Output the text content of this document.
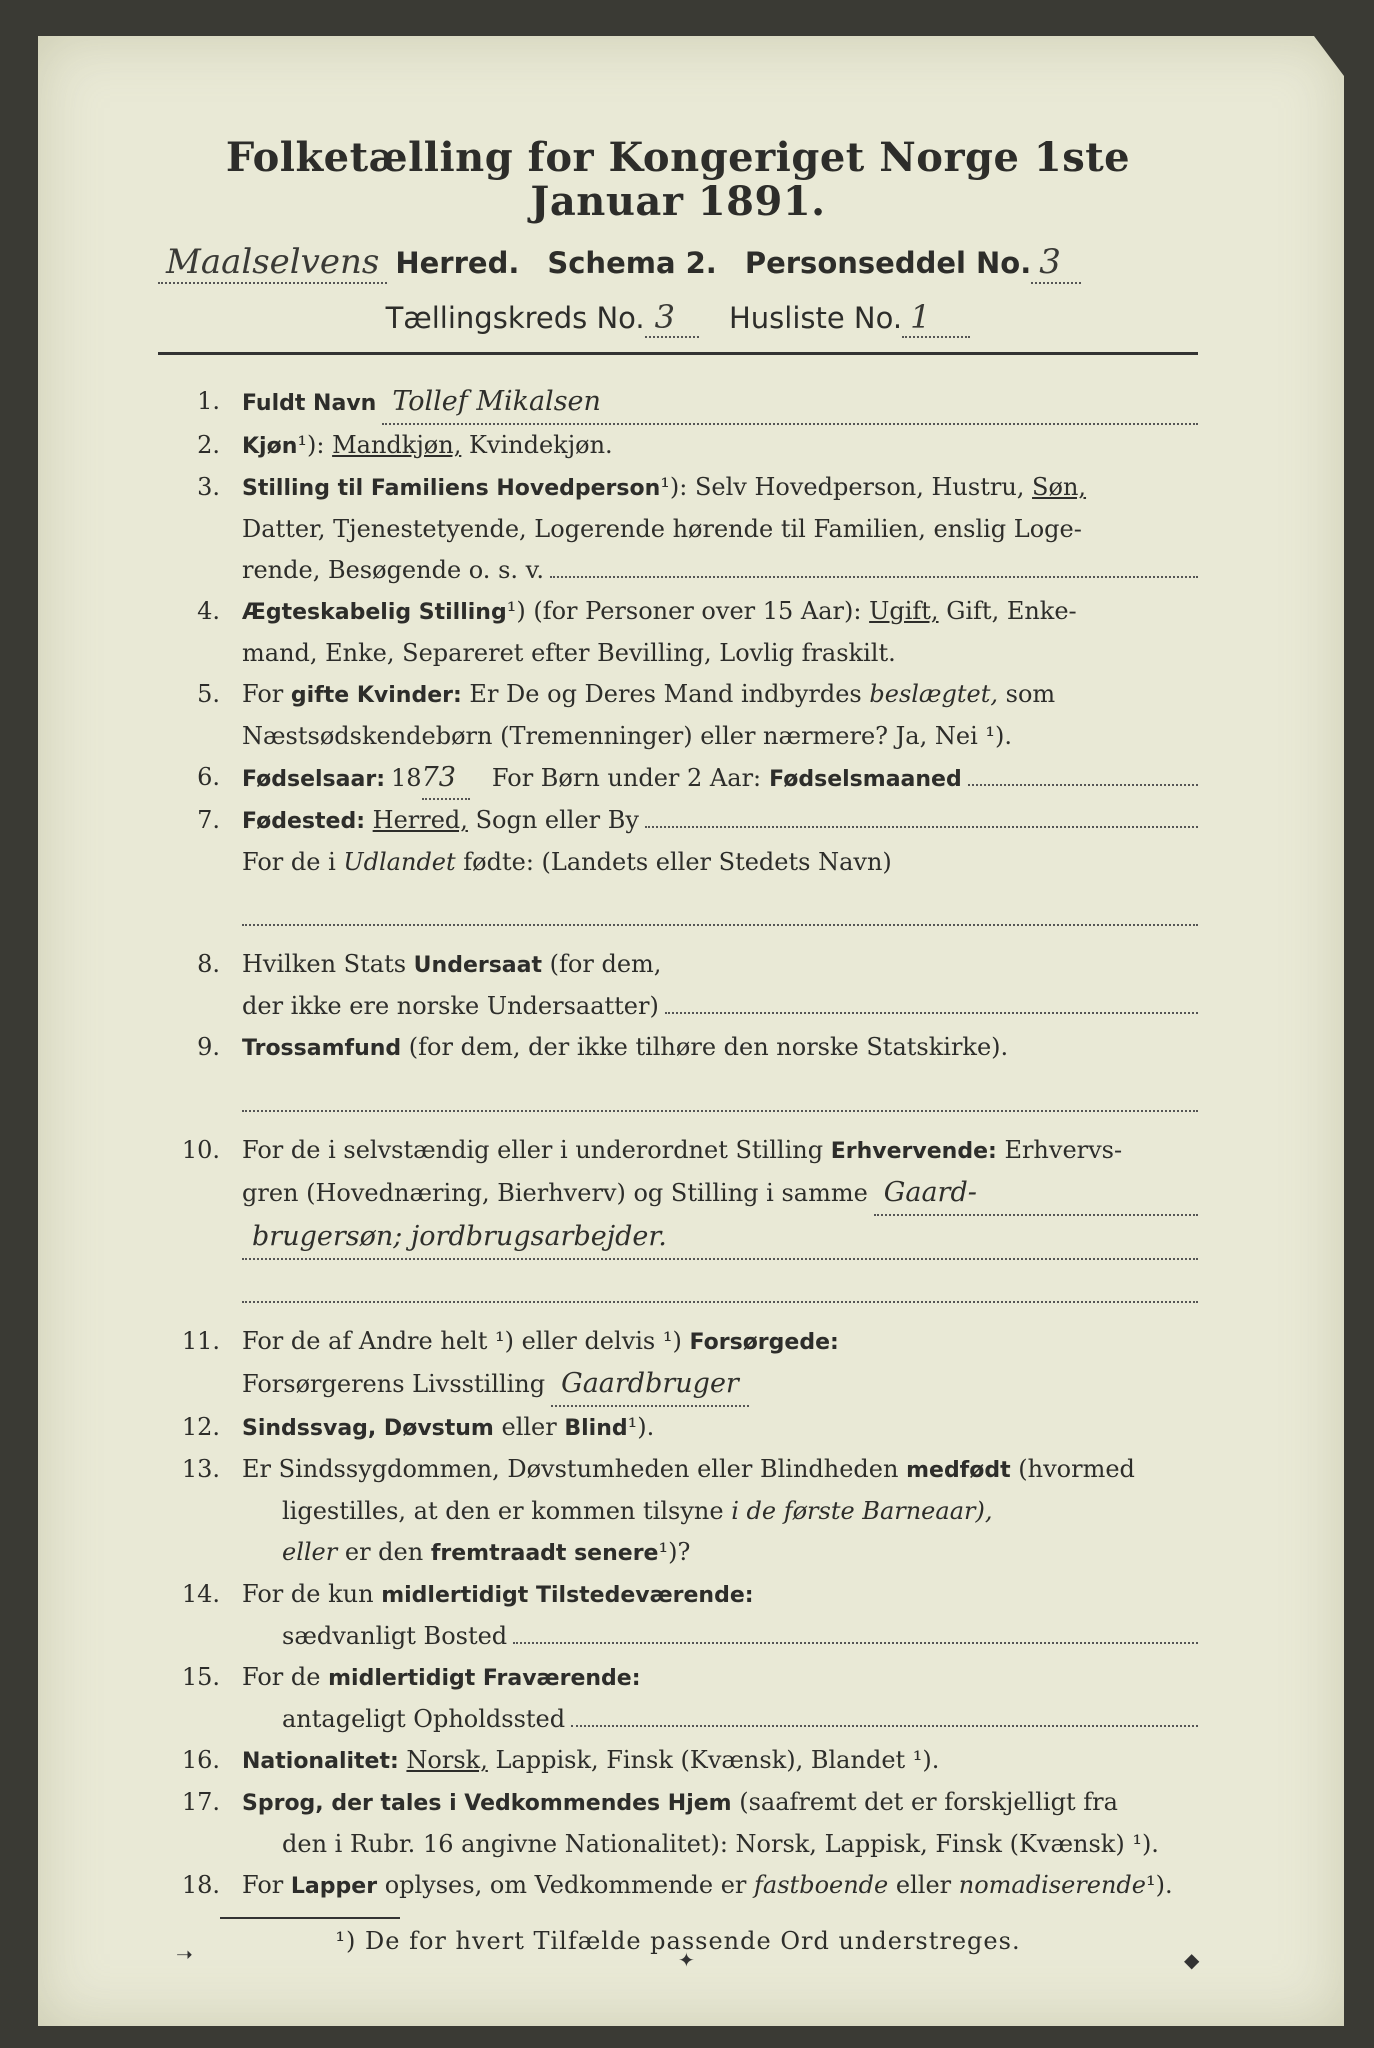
Folketælling for Kongeriget Norge 1ste Januar 1891.
Maalselvens Herred. Schema 2. Personseddel No. 3
Tællingskreds No. 3	Husliste No. 1
1.	Fuldt Navn Tollef Mikalsen
2.	Kjøn¹): Mandkjøn, Kvindekjøn.
3.	Stilling til Familiens Hovedperson¹): Selv Hovedperson, Hustru, Søn,
Datter, Tjenestetyende, Logerende hørende til Familien, enslig Loge-
rende, Besøgende o. s. v.
4.	Ægteskabelig Stilling¹) (for Personer over 15 Aar): Ugift, Gift, Enke-
mand, Enke, Separeret efter Bevilling, Lovlig fraskilt.
5. For gifte Kvinder: Er De og Deres Mand indbyrdes beslægtet, som
Næstsødskendebørn (Tremenninger) eller nærmere? Ja, Nei ¹).
6.	Fødselsaar: 18 73	For Børn under 2 Aar: Fødselsmaaned
7.	Fødested:
Herred,
Sogn eller By
For de i Udlandet fødte: (Landets eller Stedets Navn)
8. Hvilken Stats Undersaat (for dem,
der ikke ere norske Undersaatter)
9.	Trossamfund (for dem, der ikke tilhøre den norske Statskirke).
10. For de i selvstændig eller i underordnet Stilling Erhvervende: Erhvervs-
gren (Hovednæring, Bierhverv) og Stilling i samme Gaard-
brugersøn; jordbrugsarbejder.
11. For de af Andre helt ¹) eller delvis ¹) Forsørgede:
Forsørgerens Livsstilling Gaardbruger
12.	Sindssvag, Døvstum eller Blind¹).
13. Er Sindssygdommen, Døvstumheden eller Blindheden medfødt (hvormed
ligestilles, at den er kommen tilsyne i de første Barneaar),
eller er den fremtraadt senere¹)?
14. For de kun midlertidigt Tilstedeværende:
sædvanligt Bosted
15. For de midlertidigt Fraværende:
antageligt Opholdssted
16.	Nationalitet: Norsk, Lappisk, Finsk (Kvænsk), Blandet ¹).
17.	Sprog, der tales i Vedkommendes Hjem (saafremt det er forskjelligt fra
den i Rubr. 16 angivne Nationalitet): Norsk, Lappisk, Finsk (Kvænsk) ¹).
18. For Lapper oplyses, om Vedkommende er fastboende eller nomadiserende¹).
¹) De for hvert Tilfælde passende Ord understreges.
➝	✦	◆
